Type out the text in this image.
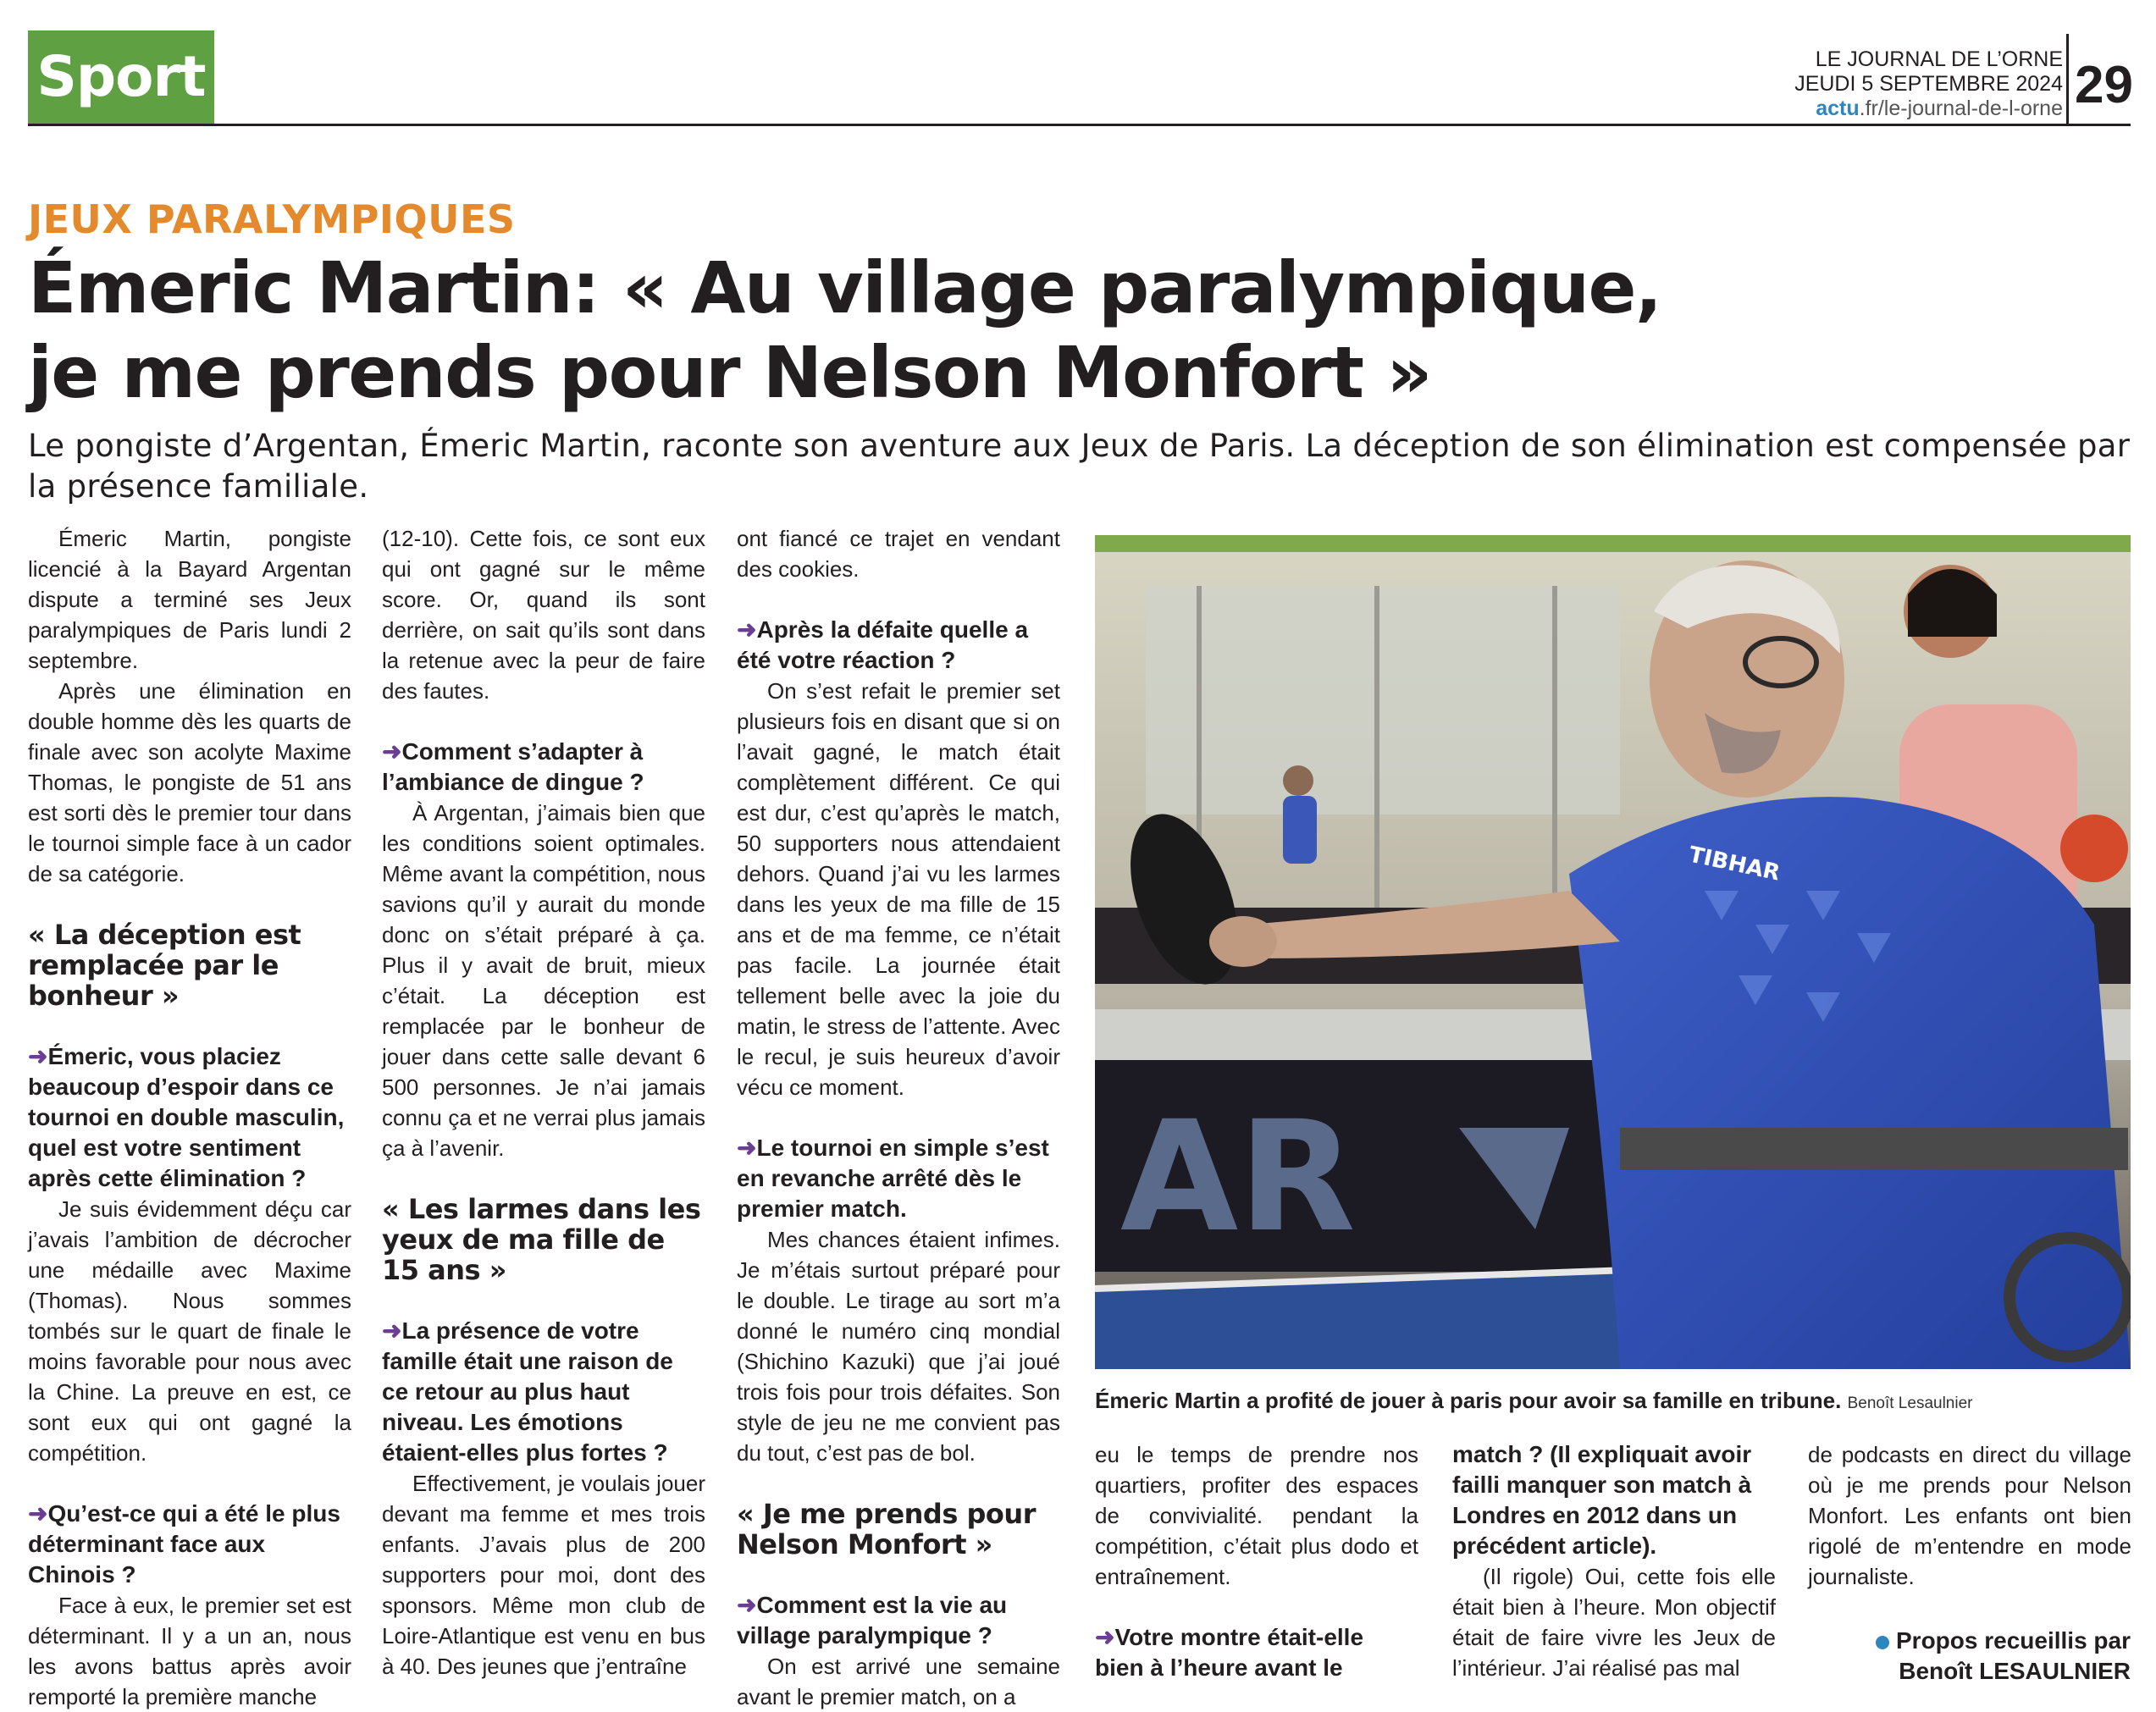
Sport	LE JOURNAL DE L’ORNE
JEUDI 5 SEPTEMBRE 2024
actu.fr/le-journal-de-l-orne 29
JEUX PARALYMPIQUES
Émeric Martin: « Au village paralympique,
je me prends pour Nelson Monfort »
Le pongiste d’Argentan, Émeric Martin, raconte son aventure aux Jeux de Paris. La déception de son élimination est compensée par la présence familiale.

Émeric Martin, pongiste licencié à la Bayard Argentan dispute a terminé ses Jeux paralympiques de Paris lundi 2 septembre.

Après une élimination en double homme dès les quarts de finale avec son acolyte Maxime Thomas, le pongiste de 51 ans est sorti dès le premier tour dans le tournoi simple face à un cador de sa catégorie.

« La déception est remplacée par le bonheur »

➜Émeric, vous placiez beaucoup d’espoir dans ce tournoi en double masculin, quel est votre sentiment après cette élimination ?

Je suis évidemment déçu car j’avais l’ambition de décrocher une médaille avec Maxime (Thomas). Nous sommes tombés sur le quart de finale le moins favorable pour nous avec la Chine. La preuve en est, ce sont eux qui ont gagné la compétition.

➜Qu’est-ce qui a été le plus déterminant face aux Chinois ?

Face à eux, le premier set est déterminant. Il y a un an, nous les avons battus après avoir remporté la première manche

(12-10). Cette fois, ce sont eux qui ont gagné sur le même score. Or, quand ils sont derrière, on sait qu’ils sont dans la retenue avec la peur de faire des fautes.

➜Comment s’adapter à l’ambiance de dingue ?

À Argentan, j’aimais bien que les conditions soient optimales. Même avant la compétition, nous savions qu’il y aurait du monde donc on s’était préparé à ça. Plus il y avait de bruit, mieux c’était. La déception est remplacée par le bonheur de jouer dans cette salle devant 6 500 personnes. Je n’ai jamais connu ça et ne verrai plus jamais ça à l’avenir.

« Les larmes dans les yeux de ma fille de 15 ans »

➜La présence de votre famille était une raison de ce retour au plus haut niveau. Les émotions étaient-elles plus fortes ?

Effectivement, je voulais jouer devant ma femme et mes trois enfants. J’avais plus de 200 supporters pour moi, dont des sponsors. Même mon club de Loire-Atlantique est venu en bus à 40. Des jeunes que j’entraîne

ont fiancé ce trajet en vendant des cookies.

➜Après la défaite quelle a été votre réaction ?

On s’est refait le premier set plusieurs fois en disant que si on l’avait gagné, le match était complètement différent. Ce qui est dur, c’est qu’après le match, 50 supporters nous attendaient dehors. Quand j’ai vu les larmes dans les yeux de ma fille de 15 ans et de ma femme, ce n’était pas facile. La journée était tellement belle avec la joie du matin, le stress de l’attente. Avec le recul, je suis heureux d’avoir vécu ce moment.

➜Le tournoi en simple s’est en revanche arrêté dès le premier match.

Mes chances étaient infimes. Je m’étais surtout préparé pour le double. Le tirage au sort m’a donné le numéro cinq mondial (Shichino Kazuki) que j’ai joué trois fois pour trois défaites. Son style de jeu ne me convient pas du tout, c’est pas de bol.

« Je me prends pour Nelson Monfort »

➜Comment est la vie au village paralympique ?

On est arrivé une semaine avant le premier match, on a

AR
TIBHAR
Émeric Martin a profité de jouer à paris pour avoir sa famille en tribune. Benoît Lesaulnier

eu le temps de prendre nos quartiers, profiter des espaces de convivialité. pendant la compétition, c’était plus dodo et entraînement.

➜Votre montre était-elle bien à l’heure avant le

match ? (Il expliquait avoir failli manquer son match à Londres en 2012 dans un précédent article).

(Il rigole) Oui, cette fois elle était bien à l’heure. Mon objectif était de faire vivre les Jeux de l’intérieur. J’ai réalisé pas mal

de podcasts en direct du village où je me prends pour Nelson Monfort. Les enfants ont bien rigolé de m’entendre en mode journaliste.

Propos recueillis par
Benoît LESAULNIER
